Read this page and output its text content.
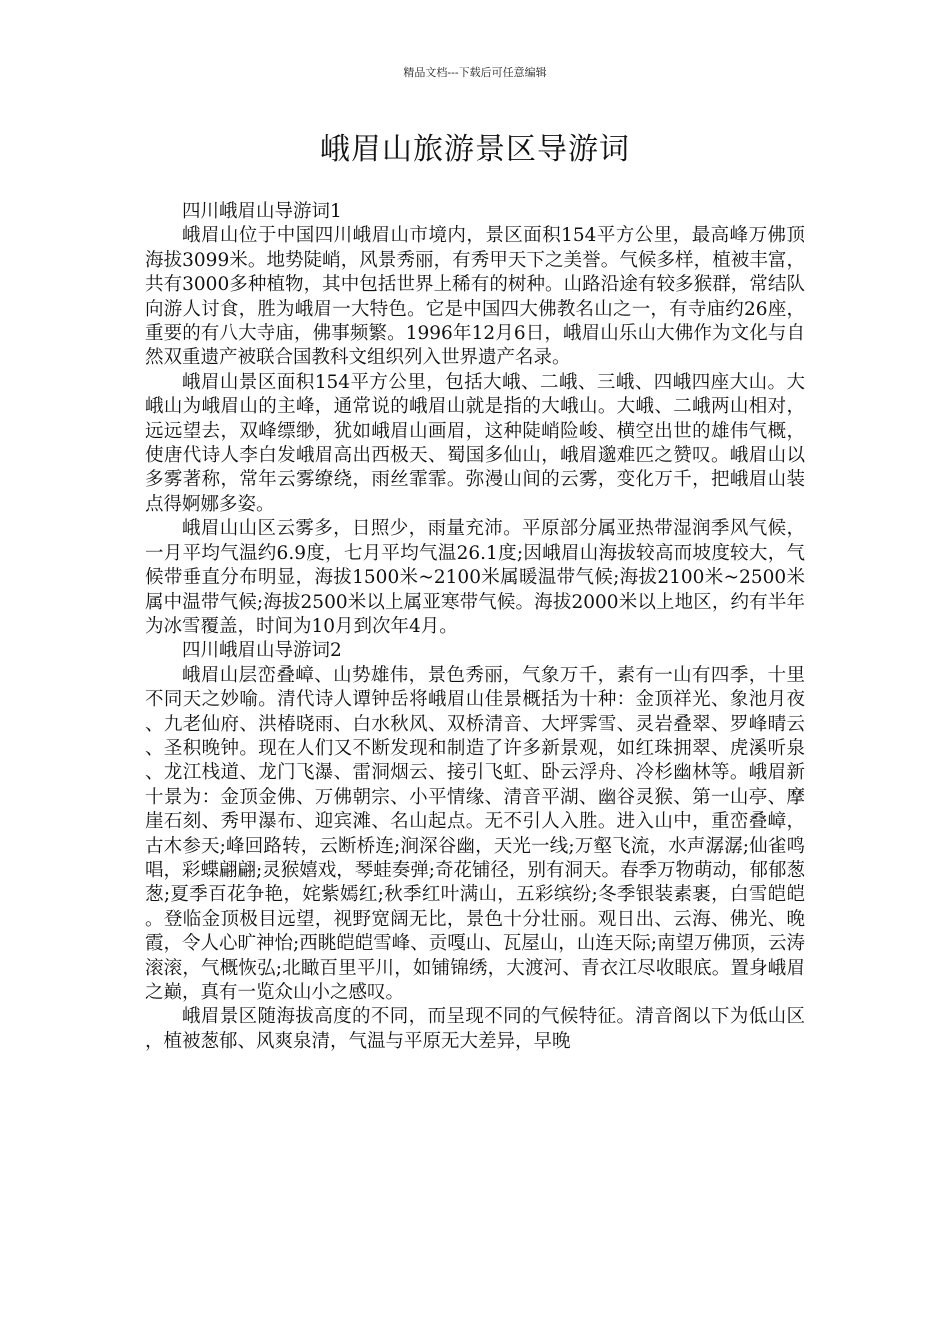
精品文档---下载后可任意编辑
峨眉山旅游景区导游词

四川峨眉山导游词1

峨眉山位于中国四川峨眉山市境内，景区面积154平方公里，最高峰万佛顶海拔3099米。地势陡峭，风景秀丽，有秀甲天下之美誉。气候多样，植被丰富，共有3000多种植物，其中包括世界上稀有的树种。山路沿途有较多猴群，常结队向游人讨食，胜为峨眉一大特色。它是中国四大佛教名山之一，有寺庙约26座，重要的有八大寺庙，佛事频繁。1996年12月6日，峨眉山乐山大佛作为文化与自然双重遗产被联合国教科文组织列入世界遗产名录。

峨眉山景区面积154平方公里，包括大峨、二峨、三峨、四峨四座大山。大峨山为峨眉山的主峰，通常说的峨眉山就是指的大峨山。大峨、二峨两山相对，远远望去，双峰缥缈，犹如峨眉山画眉，这种陡峭险峻、横空出世的雄伟气概，使唐代诗人李白发峨眉高出西极天、蜀国多仙山，峨眉邈难匹之赞叹。峨眉山以多雾著称，常年云雾缭绕，雨丝霏霏。弥漫山间的云雾，变化万千，把峨眉山装点得婀娜多姿。

峨眉山山区云雾多，日照少，雨量充沛。平原部分属亚热带湿润季风气候，一月平均气温约6.9度，七月平均气温26.1度;因峨眉山海拔较高而坡度较大，气候带垂直分布明显，海拔1500米~2100米属暖温带气候;海拔2100米~2500米属中温带气候;海拔2500米以上属亚寒带气候。海拔2000米以上地区，约有半年为冰雪覆盖，时间为10月到次年4月。

四川峨眉山导游词2

峨眉山层峦叠嶂、山势雄伟，景色秀丽，气象万千，素有一山有四季，十里不同天之妙喻。清代诗人谭钟岳将峨眉山佳景概括为十种：金顶祥光、象池月夜、九老仙府、洪椿晓雨、白水秋风、双桥清音、大坪霁雪、灵岩叠翠、罗峰晴云、圣积晚钟。现在人们又不断发现和制造了许多新景观，如红珠拥翠、虎溪听泉、龙江栈道、龙门飞瀑、雷洞烟云、接引飞虹、卧云浮舟、冷杉幽林等。峨眉新十景为：金顶金佛、万佛朝宗、小平情缘、清音平湖、幽谷灵猴、第一山亭、摩崖石刻、秀甲瀑布、迎宾滩、名山起点。无不引人入胜。进入山中，重峦叠嶂，古木参天;峰回路转，云断桥连;涧深谷幽，天光一线;万壑飞流，水声潺潺;仙雀鸣唱，彩蝶翩翩;灵猴嬉戏，琴蛙奏弹;奇花铺径，别有洞天。春季万物萌动，郁郁葱葱;夏季百花争艳，姹紫嫣红;秋季红叶满山，五彩缤纷;冬季银装素裹，白雪皑皑。登临金顶极目远望，视野宽阔无比，景色十分壮丽。观日出、云海、佛光、晚霞，令人心旷神怡;西眺皑皑雪峰、贡嘎山、瓦屋山，山连天际;南望万佛顶，云涛滚滚，气概恢弘;北瞰百里平川，如铺锦绣，大渡河、青衣江尽收眼底。置身峨眉之巅，真有一览众山小之感叹。

峨眉景区随海拔高度的不同，而呈现不同的气候特征。清音阁以下为低山区，植被葱郁、风爽泉清，气温与平原无大差异，早晚
